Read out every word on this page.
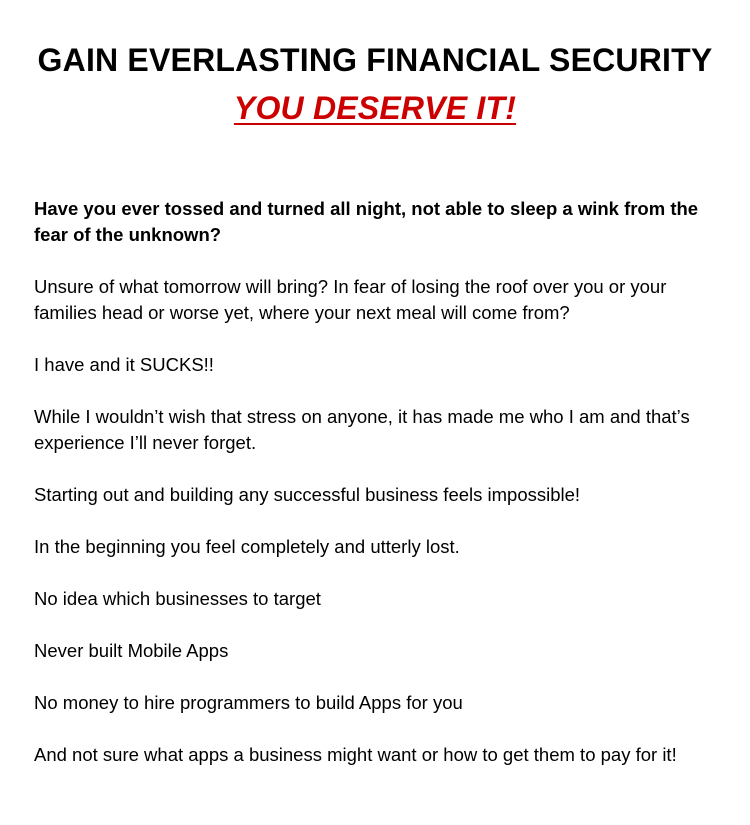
GAIN EVERLASTING FINANCIAL SECURITY
YOU DESERVE IT!

Have you ever tossed and turned all night, not able to sleep a wink from the fear of the unknown?

Unsure of what tomorrow will bring? In fear of losing the roof over you or your families head or worse yet, where your next meal will come from?

I have and it SUCKS!!

While I wouldn’t wish that stress on anyone, it has made me who I am and that’s experience I’ll never forget.

Starting out and building any successful business feels impossible!

In the beginning you feel completely and utterly lost.

No idea which businesses to target

Never built Mobile Apps

No money to hire programmers to build Apps for you

And not sure what apps a business might want or how to get them to pay for it!
